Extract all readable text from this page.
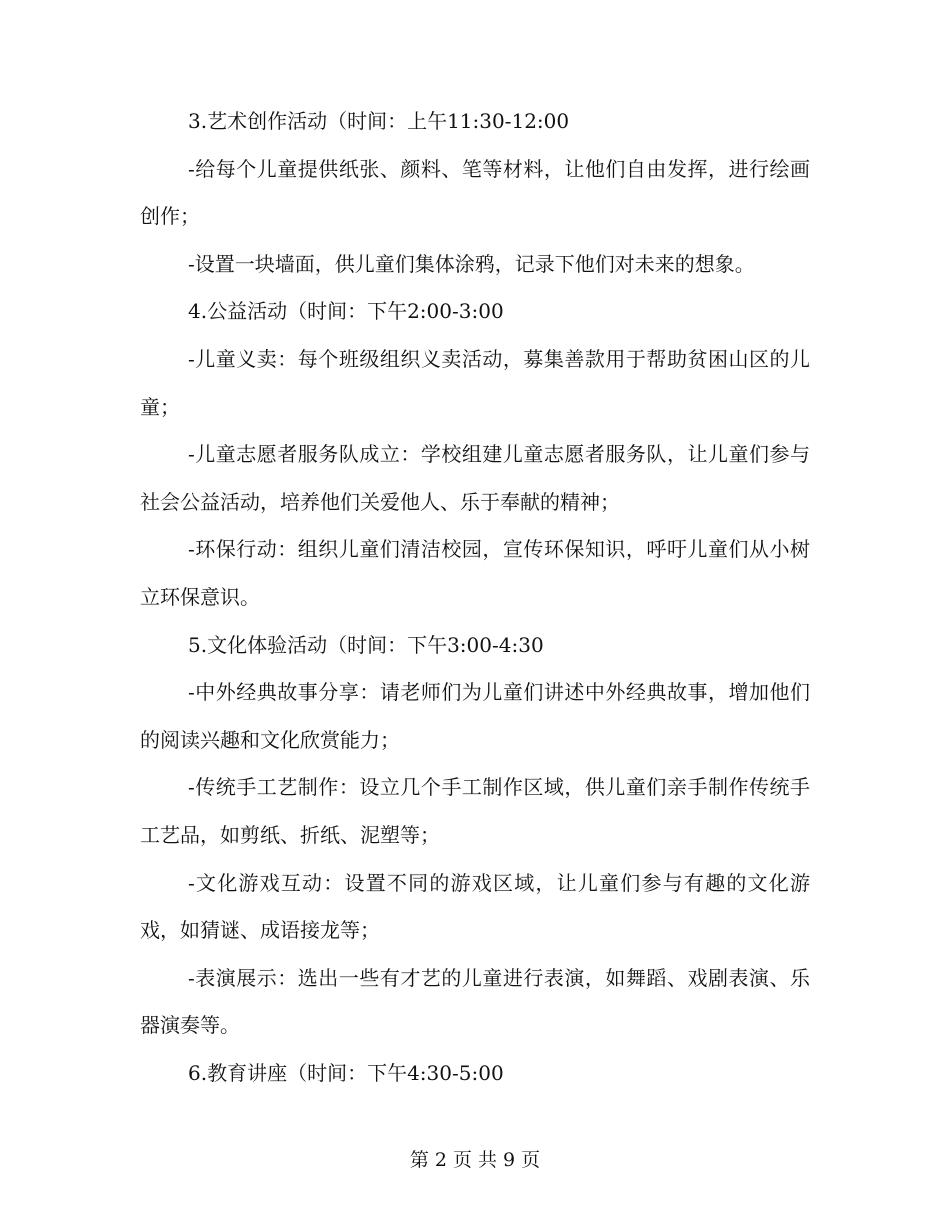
3.艺术创作活动（时间：上午11:30-12:00

-给每个儿童提供纸张、颜料、笔等材料，让他们自由发挥，进行绘画创作；

-设置一块墙面，供儿童们集体涂鸦，记录下他们对未来的想象。

4.公益活动（时间：下午2:00-3:00

-儿童义卖：每个班级组织义卖活动，募集善款用于帮助贫困山区的儿童；

-儿童志愿者服务队成立：学校组建儿童志愿者服务队，让儿童们参与社会公益活动，培养他们关爱他人、乐于奉献的精神；

-环保行动：组织儿童们清洁校园，宣传环保知识，呼吁儿童们从小树立环保意识。

5.文化体验活动（时间：下午3:00-4:30

-中外经典故事分享：请老师们为儿童们讲述中外经典故事，增加他们的阅读兴趣和文化欣赏能力；

-传统手工艺制作：设立几个手工制作区域，供儿童们亲手制作传统手工艺品，如剪纸、折纸、泥塑等；

-文化游戏互动：设置不同的游戏区域，让儿童们参与有趣的文化游戏，如猜谜、成语接龙等；

-表演展示：选出一些有才艺的儿童进行表演，如舞蹈、戏剧表演、乐器演奏等。

6.教育讲座（时间：下午4:30-5:00

第 2 页 共 9 页
